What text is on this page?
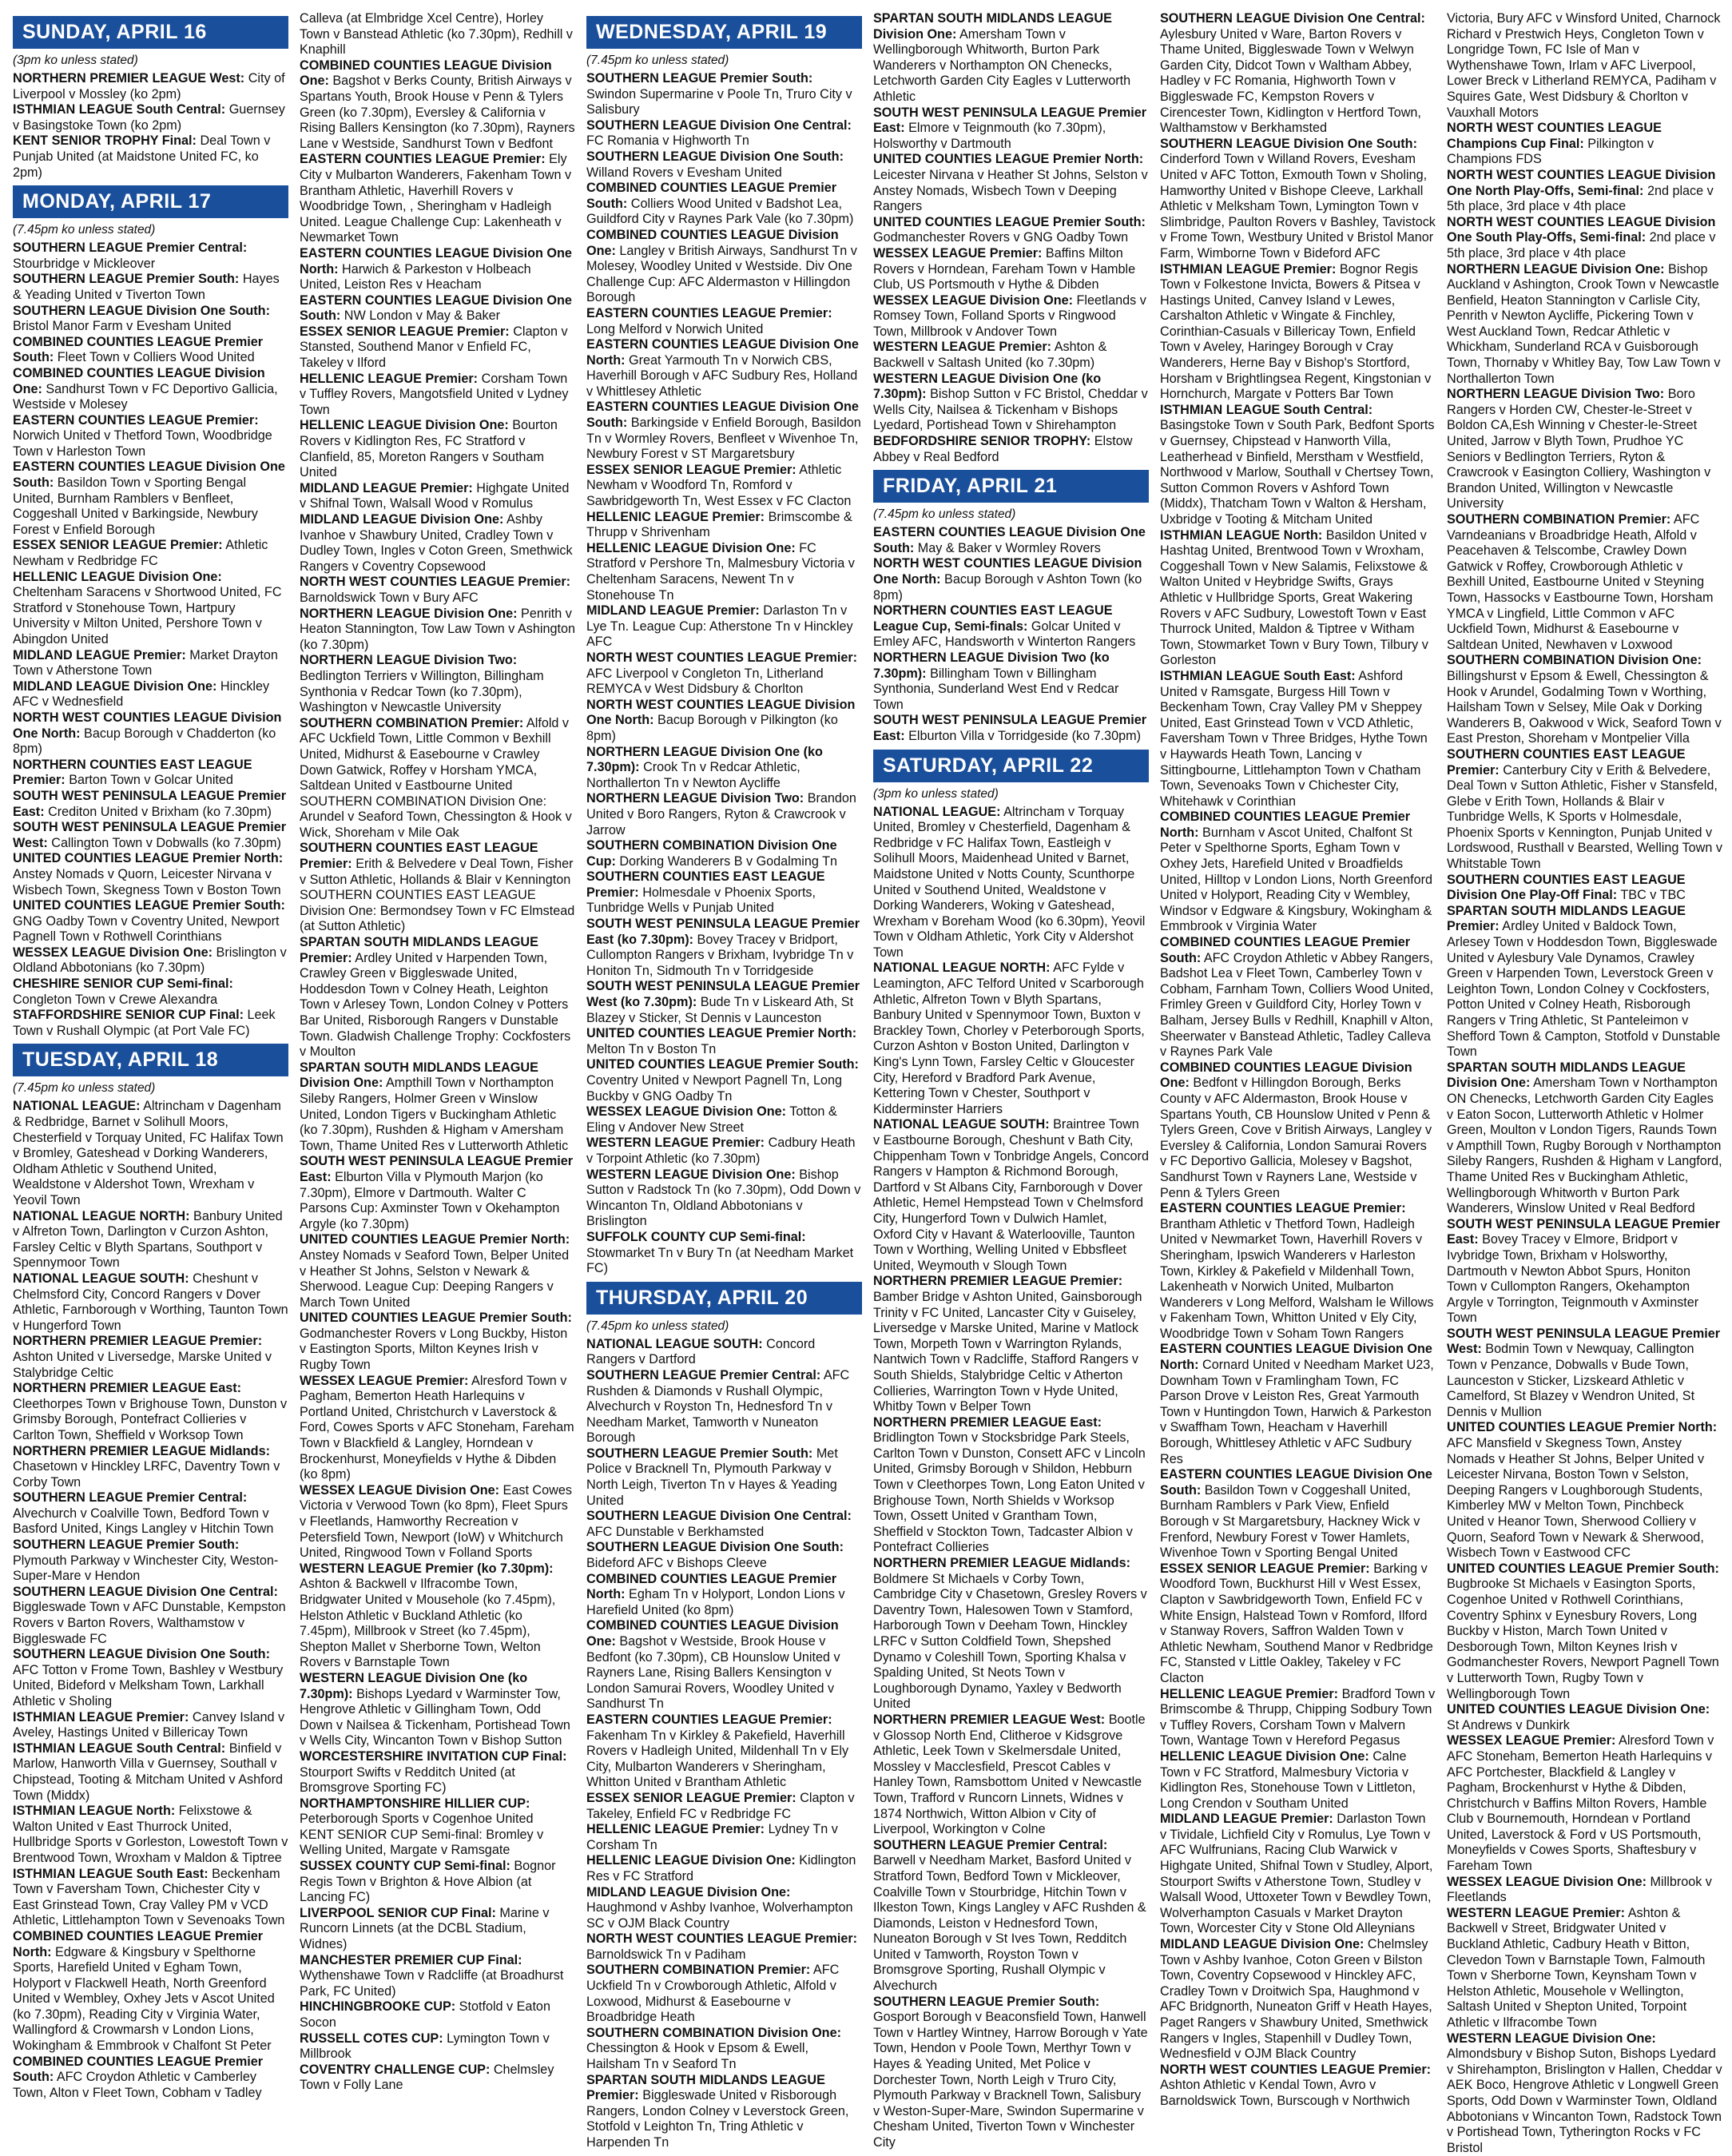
SUNDAY, APRIL 16
(3pm ko unless stated)

NORTHERN PREMIER LEAGUE West: City of Liverpool v Mossley (ko 2pm)

ISTHMIAN LEAGUE South Central: Guernsey v Basingstoke Town (ko 2pm)

KENT SENIOR TROPHY Final: Deal Town v Punjab United (at Maidstone United FC, ko 2pm)

MONDAY, APRIL 17
(7.45pm ko unless stated)

SOUTHERN LEAGUE Premier Central: Stourbridge v Mickleover

SOUTHERN LEAGUE Premier South: Hayes & Yeading United v Tiverton Town

SOUTHERN LEAGUE Division One South: Bristol Manor Farm v Evesham United

COMBINED COUNTIES LEAGUE Premier South: Fleet Town v Colliers Wood United

COMBINED COUNTIES LEAGUE Division One: Sandhurst Town v FC Deportivo Gallicia, Westside v Molesey

EASTERN COUNTIES LEAGUE Premier: Norwich United v Thetford Town, Woodbridge Town v Harleston Town

EASTERN COUNTIES LEAGUE Division One South: Basildon Town v Sporting Bengal United, Burnham Ramblers v Benfleet, Coggeshall United v Barkingside, Newbury Forest v Enfield Borough

ESSEX SENIOR LEAGUE Premier: Athletic Newham v Redbridge FC

HELLENIC LEAGUE Division One: Cheltenham Saracens v Shortwood United, FC Stratford v Stonehouse Town, Hartpury University v Milton United, Pershore Town v Abingdon United

MIDLAND LEAGUE Premier: Market Drayton Town v Atherstone Town

MIDLAND LEAGUE Division One: Hinckley AFC v Wednesfield

NORTH WEST COUNTIES LEAGUE Division One North: Bacup Borough v Chadderton (ko 8pm)

NORTHERN COUNTIES EAST LEAGUE Premier: Barton Town v Golcar United

SOUTH WEST PENINSULA LEAGUE Premier East: Crediton United v Brixham (ko 7.30pm)

SOUTH WEST PENINSULA LEAGUE Premier West: Callington Town v Dobwalls (ko 7.30pm)

UNITED COUNTIES LEAGUE Premier North: Anstey Nomads v Quorn, Leicester Nirvana v Wisbech Town, Skegness Town v Boston Town

UNITED COUNTIES LEAGUE Premier South: GNG Oadby Town v Coventry United, Newport Pagnell Town v Rothwell Corinthians

WESSEX LEAGUE Division One: Brislington v Oldland Abbotonians (ko 7.30pm)

CHESHIRE SENIOR CUP Semi-final: Congleton Town v Crewe Alexandra

STAFFORDSHIRE SENIOR CUP Final: Leek Town v Rushall Olympic (at Port Vale FC)

TUESDAY, APRIL 18
(7.45pm ko unless stated)

NATIONAL LEAGUE: Altrincham v Dagenham & Redbridge, Barnet v Solihull Moors, Chesterfield v Torquay United, FC Halifax Town v Bromley, Gateshead v Dorking Wanderers, Oldham Athletic v Southend United, Wealdstone v Aldershot Town, Wrexham v Yeovil Town

NATIONAL LEAGUE NORTH: Banbury United v Alfreton Town, Darlington v Curzon Ashton, Farsley Celtic v Blyth Spartans, Southport v Spennymoor Town

NATIONAL LEAGUE SOUTH: Cheshunt v Chelmsford City, Concord Rangers v Dover Athletic, Farnborough v Worthing, Taunton Town v Hungerford Town

NORTHERN PREMIER LEAGUE Premier: Ashton United v Liversedge, Marske United v Stalybridge Celtic

NORTHERN PREMIER LEAGUE East: Cleethorpes Town v Brighouse Town, Dunston v Grimsby Borough, Pontefract Collieries v Carlton Town, Sheffield v Worksop Town

NORTHERN PREMIER LEAGUE Midlands: Chasetown v Hinckley LRFC, Daventry Town v Corby Town

SOUTHERN LEAGUE Premier Central: Alvechurch v Coalville Town, Bedford Town v Basford United, Kings Langley v Hitchin Town

SOUTHERN LEAGUE Premier South: Plymouth Parkway v Winchester City, Weston-Super-Mare v Hendon

SOUTHERN LEAGUE Division One Central: Biggleswade Town v AFC Dunstable, Kempston Rovers v Barton Rovers, Walthamstow v Biggleswade FC

SOUTHERN LEAGUE Division One South: AFC Totton v Frome Town, Bashley v Westbury United, Bideford v Melksham Town, Larkhall Athletic v Sholing

ISTHMIAN LEAGUE Premier: Canvey Island v Aveley, Hastings United v Billericay Town

ISTHMIAN LEAGUE South Central: Binfield v Marlow, Hanworth Villa v Guernsey, Southall v Chipstead, Tooting & Mitcham United v Ashford Town (Middx)

ISTHMIAN LEAGUE North: Felixstowe & Walton United v East Thurrock United, Hullbridge Sports v Gorleston, Lowestoft Town v Brentwood Town, Wroxham v Maldon & Tiptree

ISTHMIAN LEAGUE South East: Beckenham Town v Faversham Town, Chichester City v East Grinstead Town, Cray Valley PM v VCD Athletic, Littlehampton Town v Sevenoaks Town

COMBINED COUNTIES LEAGUE Premier North: Edgware & Kingsbury v Spelthorne Sports, Harefield United v Egham Town, Holyport v Flackwell Heath, North Greenford United v Wembley, Oxhey Jets v Ascot United (ko 7.30pm), Reading City v Virginia Water, Wallingford & Crowmarsh v London Lions, Wokingham & Emmbrook v Chalfont St Peter

COMBINED COUNTIES LEAGUE Premier South: AFC Croydon Athletic v Camberley Town, Alton v Fleet Town, Cobham v Tadley

Calleva (at Elmbridge Xcel Centre), Horley Town v Banstead Athletic (ko 7.30pm), Redhill v Knaphill

COMBINED COUNTIES LEAGUE Division One: Bagshot v Berks County, British Airways v Spartans Youth, Brook House v Penn & Tylers Green (ko 7.30pm), Eversley & California v Rising Ballers Kensington (ko 7.30pm), Rayners Lane v Westside, Sandhurst Town v Bedfont

EASTERN COUNTIES LEAGUE Premier: Ely City v Mulbarton Wanderers, Fakenham Town v Brantham Athletic, Haverhill Rovers v Woodbridge Town, , Sheringham v Hadleigh United. League Challenge Cup: Lakenheath v Newmarket Town

EASTERN COUNTIES LEAGUE Division One North: Harwich & Parkeston v Holbeach United, Leiston Res v Heacham

EASTERN COUNTIES LEAGUE Division One South: NW London v May & Baker

ESSEX SENIOR LEAGUE Premier: Clapton v Stansted, Southend Manor v Enfield FC, Takeley v Ilford

HELLENIC LEAGUE Premier: Corsham Town v Tuffley Rovers, Mangotsfield United v Lydney Town

HELLENIC LEAGUE Division One: Bourton Rovers v Kidlington Res, FC Stratford v Clanfield, 85, Moreton Rangers v Southam United

MIDLAND LEAGUE Premier: Highgate United v Shifnal Town, Walsall Wood v Romulus

MIDLAND LEAGUE Division One: Ashby Ivanhoe v Shawbury United, Cradley Town v Dudley Town, Ingles v Coton Green, Smethwick Rangers v Coventry Copsewood

NORTH WEST COUNTIES LEAGUE Premier: Barnoldswick Town v Bury AFC

NORTHERN LEAGUE Division One: Penrith v Heaton Stannington, Tow Law Town v Ashington (ko 7.30pm)

NORTHERN LEAGUE Division Two: Bedlington Terriers v Willington, Billingham Synthonia v Redcar Town (ko 7.30pm), Washington v Newcastle University

SOUTHERN COMBINATION Premier: Alfold v AFC Uckfield Town, Little Common v Bexhill United, Midhurst & Easebourne v Crawley Down Gatwick, Roffey v Horsham YMCA, Saltdean United v Eastbourne United

SOUTHERN COMBINATION Division One: Arundel v Seaford Town, Chessington & Hook v Wick, Shoreham v Mile Oak

SOUTHERN COUNTIES EAST LEAGUE Premier: Erith & Belvedere v Deal Town, Fisher v Sutton Athletic, Hollands & Blair v Kennington

SOUTHERN COUNTIES EAST LEAGUE Division One: Bermondsey Town v FC Elmstead (at Sutton Athletic)

SPARTAN SOUTH MIDLANDS LEAGUE Premier: Ardley United v Harpenden Town, Crawley Green v Biggleswade United, Hoddesdon Town v Colney Heath, Leighton Town v Arlesey Town, London Colney v Potters Bar United, Risborough Rangers v Dunstable Town. Gladwish Challenge Trophy: Cockfosters v Moulton

SPARTAN SOUTH MIDLANDS LEAGUE Division One: Ampthill Town v Northampton Sileby Rangers, Holmer Green v Winslow United, London Tigers v Buckingham Athletic (ko 7.30pm), Rushden & Higham v Amersham Town, Thame United Res v Lutterworth Athletic

SOUTH WEST PENINSULA LEAGUE Premier East: Elburton Villa v Plymouth Marjon (ko 7.30pm), Elmore v Dartmouth. Walter C Parsons Cup: Axminster Town v Okehampton Argyle (ko 7.30pm)

UNITED COUNTIES LEAGUE Premier North: Anstey Nomads v Seaford Town, Belper United v Heather St Johns, Selston v Newark & Sherwood. League Cup: Deeping Rangers v March Town United

UNITED COUNTIES LEAGUE Premier South: Godmanchester Rovers v Long Buckby, Histon v Eastington Sports, Milton Keynes Irish v Rugby Town

WESSEX LEAGUE Premier: Alresford Town v Pagham, Bemerton Heath Harlequins v Portland United, Christchurch v Laverstock & Ford, Cowes Sports v AFC Stoneham, Fareham Town v Blackfield & Langley, Horndean v Brockenhurst, Moneyfields v Hythe & Dibden (ko 8pm)

WESSEX LEAGUE Division One: East Cowes Victoria v Verwood Town (ko 8pm), Fleet Spurs v Fleetlands, Hamworthy Recreation v Petersfield Town, Newport (IoW) v Whitchurch United, Ringwood Town v Folland Sports

WESTERN LEAGUE Premier (ko 7.30pm): Ashton & Backwell v Ilfracombe Town, Bridgwater United v Mousehole (ko 7.45pm), Helston Athletic v Buckland Athletic (ko 7.45pm), Millbrook v Street (ko 7.45pm), Shepton Mallet v Sherborne Town, Welton Rovers v Barnstaple Town

WESTERN LEAGUE Division One (ko 7.30pm): Bishops Lyedard v Warminster Tow, Hengrove Athletic v Gillingham Town, Odd Down v Nailsea & Tickenham, Portishead Town v Wells City, Wincanton Town v Bishop Sutton

WORCESTERSHIRE INVITATION CUP Final: Stourport Swifts v Redditch United (at Bromsgrove Sporting FC)

NORTHAMPTONSHIRE HILLIER CUP: Peterborough Sports v Cogenhoe United

KENT SENIOR CUP Semi-final: Bromley v Welling United, Margate v Ramsgate

SUSSEX COUNTY CUP Semi-final: Bognor Regis Town v Brighton & Hove Albion (at Lancing FC)

LIVERPOOL SENIOR CUP Final: Marine v Runcorn Linnets (at the DCBL Stadium, Widnes)

MANCHESTER PREMIER CUP Final: Wythenshawe Town v Radcliffe (at Broadhurst Park, FC United)

HINCHINGBROOKE CUP: Stotfold v Eaton Socon

RUSSELL COTES CUP: Lymington Town v Millbrook

COVENTRY CHALLENGE CUP: Chelmsley Town v Folly Lane

WEDNESDAY, APRIL 19
(7.45pm ko unless stated)

SOUTHERN LEAGUE Premier South: Swindon Supermarine v Poole Tn, Truro City v Salisbury

SOUTHERN LEAGUE Division One Central: FC Romania v Highworth Tn

SOUTHERN LEAGUE Division One South: Willand Rovers v Evesham United

COMBINED COUNTIES LEAGUE Premier South: Colliers Wood United v Badshot Lea, Guildford City v Raynes Park Vale (ko 7.30pm)

COMBINED COUNTIES LEAGUE Division One: Langley v British Airways, Sandhurst Tn v Molesey, Woodley United v Westside. Div One Challenge Cup: AFC Aldermaston v Hillingdon Borough

EASTERN COUNTIES LEAGUE Premier: Long Melford v Norwich United

EASTERN COUNTIES LEAGUE Division One North: Great Yarmouth Tn v Norwich CBS, Haverhill Borough v AFC Sudbury Res, Holland v Whittlesey Athletic

EASTERN COUNTIES LEAGUE Division One South: Barkingside v Enfield Borough, Basildon Tn v Wormley Rovers, Benfleet v Wivenhoe Tn, Newbury Forest v ST Margaretsbury

ESSEX SENIOR LEAGUE Premier: Athletic Newham v Woodford Tn, Romford v Sawbridgeworth Tn, West Essex v FC Clacton

HELLENIC LEAGUE Premier: Brimscombe & Thrupp v Shrivenham

HELLENIC LEAGUE Division One: FC Stratford v Pershore Tn, Malmesbury Victoria v Cheltenham Saracens, Newent Tn v Stonehouse Tn

MIDLAND LEAGUE Premier: Darlaston Tn v Lye Tn. League Cup: Atherstone Tn v Hinckley AFC

NORTH WEST COUNTIES LEAGUE Premier: AFC Liverpool v Congleton Tn, Litherland REMYCA v West Didsbury & Chorlton

NORTH WEST COUNTIES LEAGUE Division One North: Bacup Borough v Pilkington (ko 8pm)

NORTHERN LEAGUE Division One (ko 7.30pm): Crook Tn v Redcar Athletic, Northallerton Tn v Newton Aycliffe

NORTHERN LEAGUE Division Two: Brandon United v Boro Rangers, Ryton & Crawcrook v Jarrow

SOUTHERN COMBINATION Division One Cup: Dorking Wanderers B v Godalming Tn

SOUTHERN COUNTIES EAST LEAGUE Premier: Holmesdale v Phoenix Sports, Tunbridge Wells v Punjab United

SOUTH WEST PENINSULA LEAGUE Premier East (ko 7.30pm): Bovey Tracey v Bridport, Cullompton Rangers v Brixham, Ivybridge Tn v Honiton Tn, Sidmouth Tn v Torridgeside

SOUTH WEST PENINSULA LEAGUE Premier West (ko 7.30pm): Bude Tn v Liskeard Ath, St Blazey v Sticker, St Dennis v Launceston

UNITED COUNTIES LEAGUE Premier North: Melton Tn v Boston Tn

UNITED COUNTIES LEAGUE Premier South: Coventry United v Newport Pagnell Tn, Long Buckby v GNG Oadby Tn

WESSEX LEAGUE Division One: Totton & Eling v Andover New Street

WESTERN LEAGUE Premier: Cadbury Heath v Torpoint Athletic (ko 7.30pm)

WESTERN LEAGUE Division One: Bishop Sutton v Radstock Tn (ko 7.30pm), Odd Down v Wincanton Tn, Oldland Abbotonians v Brislington

SUFFOLK COUNTY CUP Semi-final: Stowmarket Tn v Bury Tn (at Needham Market FC)

THURSDAY, APRIL 20
(7.45pm ko unless stated)

NATIONAL LEAGUE SOUTH: Concord Rangers v Dartford

SOUTHERN LEAGUE Premier Central: AFC Rushden & Diamonds v Rushall Olympic, Alvechurch v Royston Tn, Hednesford Tn v Needham Market, Tamworth v Nuneaton Borough

SOUTHERN LEAGUE Premier South: Met Police v Bracknell Tn, Plymouth Parkway v North Leigh, Tiverton Tn v Hayes & Yeading United

SOUTHERN LEAGUE Division One Central: AFC Dunstable v Berkhamsted

SOUTHERN LEAGUE Division One South: Bideford AFC v Bishops Cleeve

COMBINED COUNTIES LEAGUE Premier North: Egham Tn v Holyport, London Lions v Harefield United (ko 8pm)

COMBINED COUNTIES LEAGUE Division One: Bagshot v Westside, Brook House v Bedfont (ko 7.30pm), CB Hounslow United v Rayners Lane, Rising Ballers Kensington v London Samurai Rovers, Woodley United v Sandhurst Tn

EASTERN COUNTIES LEAGUE Premier: Fakenham Tn v Kirkley & Pakefield, Haverhill Rovers v Hadleigh United, Mildenhall Tn v Ely City, Mulbarton Wanderers v Sheringham, Whitton United v Brantham Athletic

ESSEX SENIOR LEAGUE Premier: Clapton v Takeley, Enfield FC v Redbridge FC

HELLENIC LEAGUE Premier: Lydney Tn v Corsham Tn

HELLENIC LEAGUE Division One: Kidlington Res v FC Stratford

MIDLAND LEAGUE Division One: Haughmond v Ashby Ivanhoe, Wolverhampton SC v OJM Black Country

NORTH WEST COUNTIES LEAGUE Premier: Barnoldswick Tn v Padiham

SOUTHERN COMBINATION Premier: AFC Uckfield Tn v Crowborough Athletic, Alfold v Loxwood, Midhurst & Easebourne v Broadbridge Heath

SOUTHERN COMBINATION Division One: Chessington & Hook v Epsom & Ewell, Hailsham Tn v Seaford Tn

SPARTAN SOUTH MIDLANDS LEAGUE Premier: Biggleswade United v Risborough Rangers, London Colney v Leverstock Green, Stotfold v Leighton Tn, Tring Athletic v Harpenden Tn

SPARTAN SOUTH MIDLANDS LEAGUE Division One: Amersham Town v Wellingborough Whitworth, Burton Park Wanderers v Northampton ON Chenecks, Letchworth Garden City Eagles v Lutterworth Athletic

SOUTH WEST PENINSULA LEAGUE Premier East: Elmore v Teignmouth (ko 7.30pm), Holsworthy v Dartmouth

UNITED COUNTIES LEAGUE Premier North: Leicester Nirvana v Heather St Johns, Selston v Anstey Nomads, Wisbech Town v Deeping Rangers

UNITED COUNTIES LEAGUE Premier South: Godmanchester Rovers v GNG Oadby Town

WESSEX LEAGUE Premier: Baffins Milton Rovers v Horndean, Fareham Town v Hamble Club, US Portsmouth v Hythe & Dibden

WESSEX LEAGUE Division One: Fleetlands v Romsey Town, Folland Sports v Ringwood Town, Millbrook v Andover Town

WESTERN LEAGUE Premier: Ashton & Backwell v Saltash United (ko 7.30pm)

WESTERN LEAGUE Division One (ko 7.30pm): Bishop Sutton v FC Bristol, Cheddar v Wells City, Nailsea & Tickenham v Bishops Lyedard, Portishead Town v Shirehampton

BEDFORDSHIRE SENIOR TROPHY: Elstow Abbey v Real Bedford

FRIDAY, APRIL 21
(7.45pm ko unless stated)

EASTERN COUNTIES LEAGUE Division One South: May & Baker v Wormley Rovers

NORTH WEST COUNTIES LEAGUE Division One North: Bacup Borough v Ashton Town (ko 8pm)

NORTHERN COUNTIES EAST LEAGUE League Cup, Semi-finals: Golcar United v Emley AFC, Handsworth v Winterton Rangers

NORTHERN LEAGUE Division Two (ko 7.30pm): Billingham Town v Billingham Synthonia, Sunderland West End v Redcar Town

SOUTH WEST PENINSULA LEAGUE Premier East: Elburton Villa v Torridgeside (ko 7.30pm)

SATURDAY, APRIL 22
(3pm ko unless stated)

NATIONAL LEAGUE: Altrincham v Torquay United, Bromley v Chesterfield, Dagenham & Redbridge v FC Halifax Town, Eastleigh v Solihull Moors, Maidenhead United v Barnet, Maidstone United v Notts County, Scunthorpe United v Southend United, Wealdstone v Dorking Wanderers, Woking v Gateshead, Wrexham v Boreham Wood (ko 6.30pm), Yeovil Town v Oldham Athletic, York City v Aldershot Town

NATIONAL LEAGUE NORTH: AFC Fylde v Leamington, AFC Telford United v Scarborough Athletic, Alfreton Town v Blyth Spartans, Banbury United v Spennymoor Town, Buxton v Brackley Town, Chorley v Peterborough Sports, Curzon Ashton v Boston United, Darlington v King's Lynn Town, Farsley Celtic v Gloucester City, Hereford v Bradford Park Avenue, Kettering Town v Chester, Southport v Kidderminster Harriers

NATIONAL LEAGUE SOUTH: Braintree Town v Eastbourne Borough, Cheshunt v Bath City, Chippenham Town v Tonbridge Angels, Concord Rangers v Hampton & Richmond Borough, Dartford v St Albans City, Farnborough v Dover Athletic, Hemel Hempstead Town v Chelmsford City, Hungerford Town v Dulwich Hamlet, Oxford City v Havant & Waterlooville, Taunton Town v Worthing, Welling United v Ebbsfleet United, Weymouth v Slough Town

NORTHERN PREMIER LEAGUE Premier: Bamber Bridge v Ashton United, Gainsborough Trinity v FC United, Lancaster City v Guiseley, Liversedge v Marske United, Marine v Matlock Town, Morpeth Town v Warrington Rylands, Nantwich Town v Radcliffe, Stafford Rangers v South Shields, Stalybridge Celtic v Atherton Collieries, Warrington Town v Hyde United, Whitby Town v Belper Town

NORTHERN PREMIER LEAGUE East: Bridlington Town v Stocksbridge Park Steels, Carlton Town v Dunston, Consett AFC v Lincoln United, Grimsby Borough v Shildon, Hebburn Town v Cleethorpes Town, Long Eaton United v Brighouse Town, North Shields v Worksop Town, Ossett United v Grantham Town, Sheffield v Stockton Town, Tadcaster Albion v Pontefract Collieries

NORTHERN PREMIER LEAGUE Midlands: Boldmere St Michaels v Corby Town, Cambridge City v Chasetown, Gresley Rovers v Daventry Town, Halesowen Town v Stamford, Harborough Town v Deeham Town, Hinckley LRFC v Sutton Coldfield Town, Shepshed Dynamo v Coleshill Town, Sporting Khalsa v Spalding United, St Neots Town v Loughborough Dynamo, Yaxley v Bedworth United

NORTHERN PREMIER LEAGUE West: Bootle v Glossop North End, Clitheroe v Kidsgrove Athletic, Leek Town v Skelmersdale United, Mossley v Macclesfield, Prescot Cables v Hanley Town, Ramsbottom United v Newcastle Town, Trafford v Runcorn Linnets, Widnes v 1874 Northwich, Witton Albion v City of Liverpool, Workington v Colne

SOUTHERN LEAGUE Premier Central: Barwell v Needham Market, Basford United v Stratford Town, Bedford Town v Mickleover, Coalville Town v Stourbridge, Hitchin Town v Ilkeston Town, Kings Langley v AFC Rushden & Diamonds, Leiston v Hednesford Town, Nuneaton Borough v St Ives Town, Redditch United v Tamworth, Royston Town v Bromsgrove Sporting, Rushall Olympic v Alvechurch

SOUTHERN LEAGUE Premier South: Gosport Borough v Beaconsfield Town, Hanwell Town v Hartley Wintney, Harrow Borough v Yate Town, Hendon v Poole Town, Merthyr Town v Hayes & Yeading United, Met Police v Dorchester Town, North Leigh v Truro City, Plymouth Parkway v Bracknell Town, Salisbury v Weston-Super-Mare, Swindon Supermarine v Chesham United, Tiverton Town v Winchester City

SOUTHERN LEAGUE Division One Central: Aylesbury United v Ware, Barton Rovers v Thame United, Biggleswade Town v Welwyn Garden City, Didcot Town v Waltham Abbey, Hadley v FC Romania, Highworth Town v Biggleswade FC, Kempston Rovers v Cirencester Town, Kidlington v Hertford Town, Walthamstow v Berkhamsted

SOUTHERN LEAGUE Division One South: Cinderford Town v Willand Rovers, Evesham United v AFC Totton, Exmouth Town v Sholing, Hamworthy United v Bishope Cleeve, Larkhall Athletic v Melksham Town, Lymington Town v Slimbridge, Paulton Rovers v Bashley, Tavistock v Frome Town, Westbury United v Bristol Manor Farm, Wimborne Town v Bideford AFC

ISTHMIAN LEAGUE Premier: Bognor Regis Town v Folkestone Invicta, Bowers & Pitsea v Hastings United, Canvey Island v Lewes, Carshalton Athletic v Wingate & Finchley, Corinthian-Casuals v Billericay Town, Enfield Town v Aveley, Haringey Borough v Cray Wanderers, Herne Bay v Bishop's Stortford, Horsham v Brightlingsea Regent, Kingstonian v Hornchurch, Margate v Potters Bar Town

ISTHMIAN LEAGUE South Central: Basingstoke Town v South Park, Bedfont Sports v Guernsey, Chipstead v Hanworth Villa, Leatherhead v Binfield, Merstham v Westfield, Northwood v Marlow, Southall v Chertsey Town, Sutton Common Rovers v Ashford Town (Middx), Thatcham Town v Walton & Hersham, Uxbridge v Tooting & Mitcham United

ISTHMIAN LEAGUE North: Basildon United v Hashtag United, Brentwood Town v Wroxham, Coggeshall Town v New Salamis, Felixstowe & Walton United v Heybridge Swifts, Grays Athletic v Hullbridge Sports, Great Wakering Rovers v AFC Sudbury, Lowestoft Town v East Thurrock United, Maldon & Tiptree v Witham Town, Stowmarket Town v Bury Town, Tilbury v Gorleston

ISTHMIAN LEAGUE South East: Ashford United v Ramsgate, Burgess Hill Town v Beckenham Town, Cray Valley PM v Sheppey United, East Grinstead Town v VCD Athletic, Faversham Town v Three Bridges, Hythe Town v Haywards Heath Town, Lancing v Sittingbourne, Littlehampton Town v Chatham Town, Sevenoaks Town v Chichester City, Whitehawk v Corinthian

COMBINED COUNTIES LEAGUE Premier North: Burnham v Ascot United, Chalfont St Peter v Spelthorne Sports, Egham Town v Oxhey Jets, Harefield United v Broadfields United, Hilltop v London Lions, North Greenford United v Holyport, Reading City v Wembley, Windsor v Edgware & Kingsbury, Wokingham & Emmbrook v Virginia Water

COMBINED COUNTIES LEAGUE Premier South: AFC Croydon Athletic v Abbey Rangers, Badshot Lea v Fleet Town, Camberley Town v Cobham, Farnham Town, Colliers Wood United, Frimley Green v Guildford City, Horley Town v Balham, Jersey Bulls v Redhill, Knaphill v Alton, Sheerwater v Banstead Athletic, Tadley Calleva v Raynes Park Vale

COMBINED COUNTIES LEAGUE Division One: Bedfont v Hillingdon Borough, Berks County v AFC Aldermaston, Brook House v Spartans Youth, CB Hounslow United v Penn & Tylers Green, Cove v British Airways, Langley v Eversley & California, London Samurai Rovers v FC Deportivo Gallicia, Molesey v Bagshot, Sandhurst Town v Rayners Lane, Westside v Penn & Tylers Green

EASTERN COUNTIES LEAGUE Premier: Brantham Athletic v Thetford Town, Hadleigh United v Newmarket Town, Haverhill Rovers v Sheringham, Ipswich Wanderers v Harleston Town, Kirkley & Pakefield v Mildenhall Town, Lakenheath v Norwich United, Mulbarton Wanderers v Long Melford, Walsham le Willows v Fakenham Town, Whitton United v Ely City, Woodbridge Town v Soham Town Rangers

EASTERN COUNTIES LEAGUE Division One North: Cornard United v Needham Market U23, Downham Town v Framlingham Town, FC Parson Drove v Leiston Res, Great Yarmouth Town v Huntingdon Town, Harwich & Parkeston v Swaffham Town, Heacham v Haverhill Borough, Whittlesey Athletic v AFC Sudbury Res

EASTERN COUNTIES LEAGUE Division One South: Basildon Town v Coggeshall United, Burnham Ramblers v Park View, Enfield Borough v St Margaretsbury, Hackney Wick v Frenford, Newbury Forest v Tower Hamlets, Wivenhoe Town v Sporting Bengal United

ESSEX SENIOR LEAGUE Premier: Barking v Woodford Town, Buckhurst Hill v West Essex, Clapton v Sawbridgeworth Town, Enfield FC v White Ensign, Halstead Town v Romford, Ilford v Stanway Rovers, Saffron Walden Town v Athletic Newham, Southend Manor v Redbridge FC, Stansted v Little Oakley, Takeley v FC Clacton

HELLENIC LEAGUE Premier: Bradford Town v Brimscombe & Thrupp, Chipping Sodbury Town v Tuffley Rovers, Corsham Town v Malvern Town, Wantage Town v Hereford Pegasus

HELLENIC LEAGUE Division One: Calne Town v FC Stratford, Malmesbury Victoria v Kidlington Res, Stonehouse Town v Littleton, Long Crendon v Southam United

MIDLAND LEAGUE Premier: Darlaston Town v Tividale, Lichfield City v Romulus, Lye Town v AFC Wulfrunians, Racing Club Warwick v Highgate United, Shifnal Town v Studley, Alport, Stourport Swifts v Atherstone Town, Studley v Walsall Wood, Uttoxeter Town v Bewdley Town, Wolverhampton Casuals v Market Drayton Town, Worcester City v Stone Old Alleynians

MIDLAND LEAGUE Division One: Chelmsley Town v Ashby Ivanhoe, Coton Green v Bilston Town, Coventry Copsewood v Hinckley AFC, Cradley Town v Droitwich Spa, Haughmond v AFC Bridgnorth, Nuneaton Griff v Heath Hayes, Paget Rangers v Shawbury United, Smethwick Rangers v Ingles, Stapenhill v Dudley Town, Wednesfield v OJM Black Country

NORTH WEST COUNTIES LEAGUE Premier: Ashton Athletic v Kendal Town, Avro v Barnoldswick Town, Burscough v Northwich

Victoria, Bury AFC v Winsford United, Charnock Richard v Prestwich Heys, Congleton Town v Longridge Town, FC Isle of Man v Wythenshawe Town, Irlam v AFC Liverpool, Lower Breck v Litherland REMYCA, Padiham v Squires Gate, West Didsbury & Chorlton v Vauxhall Motors

NORTH WEST COUNTIES LEAGUE Champions Cup Final: Pilkington v Champions FDS

NORTH WEST COUNTIES LEAGUE Division One North Play-Offs, Semi-final: 2nd place v 5th place, 3rd place v 4th place

NORTH WEST COUNTIES LEAGUE Division One South Play-Offs, Semi-final: 2nd place v 5th place, 3rd place v 4th place

NORTHERN LEAGUE Division One: Bishop Auckland v Ashington, Crook Town v Newcastle Benfield, Heaton Stannington v Carlisle City, Penrith v Newton Aycliffe, Pickering Town v West Auckland Town, Redcar Athletic v Whickham, Sunderland RCA v Guisborough Town, Thornaby v Whitley Bay, Tow Law Town v Northallerton Town

NORTHERN LEAGUE Division Two: Boro Rangers v Horden CW, Chester-le-Street v Boldon CA,Esh Winning v Chester-le-Street United, Jarrow v Blyth Town, Prudhoe YC Seniors v Bedlington Terriers, Ryton & Crawcrook v Easington Colliery, Washington v Brandon United, Willington v Newcastle University

SOUTHERN COMBINATION Premier: AFC Varndeanians v Broadbridge Heath, Alfold v Peacehaven & Telscombe, Crawley Down Gatwick v Roffey, Crowborough Athletic v Bexhill United, Eastbourne United v Steyning Town, Hassocks v Eastbourne Town, Horsham YMCA v Lingfield, Little Common v AFC Uckfield Town, Midhurst & Easebourne v Saltdean United, Newhaven v Loxwood

SOUTHERN COMBINATION Division One: Billingshurst v Epsom & Ewell, Chessington & Hook v Arundel, Godalming Town v Worthing, Hailsham Town v Selsey, Mile Oak v Dorking Wanderers B, Oakwood v Wick, Seaford Town v East Preston, Shoreham v Montpelier Villa

SOUTHERN COUNTIES EAST LEAGUE Premier: Canterbury City v Erith & Belvedere, Deal Town v Sutton Athletic, Fisher v Stansfeld, Glebe v Erith Town, Hollands & Blair v Tunbridge Wells, K Sports v Holmesdale, Phoenix Sports v Kennington, Punjab United v Lordswood, Rusthall v Bearsted, Welling Town v Whitstable Town

SOUTHERN COUNTIES EAST LEAGUE Division One Play-Off Final: TBC v TBC

SPARTAN SOUTH MIDLANDS LEAGUE Premier: Ardley United v Baldock Town, Arlesey Town v Hoddesdon Town, Biggleswade United v Aylesbury Vale Dynamos, Crawley Green v Harpenden Town, Leverstock Green v Leighton Town, London Colney v Cockfosters, Potton United v Colney Heath, Risborough Rangers v Tring Athletic, St Panteleimon v Shefford Town & Campton, Stotfold v Dunstable Town

SPARTAN SOUTH MIDLANDS LEAGUE Division One: Amersham Town v Northampton ON Chenecks, Letchworth Garden City Eagles v Eaton Socon, Lutterworth Athletic v Holmer Green, Moulton v London Tigers, Raunds Town v Ampthill Town, Rugby Borough v Northampton Sileby Rangers, Rushden & Higham v Langford, Thame United Res v Buckingham Athletic, Wellingborough Whitworth v Burton Park Wanderers, Winslow United v Real Bedford

SOUTH WEST PENINSULA LEAGUE Premier East: Bovey Tracey v Elmore, Bridport v Ivybridge Town, Brixham v Holsworthy, Dartmouth v Newton Abbot Spurs, Honiton Town v Cullompton Rangers, Okehampton Argyle v Torrington, Teignmouth v Axminster Town

SOUTH WEST PENINSULA LEAGUE Premier West: Bodmin Town v Newquay, Callington Town v Penzance, Dobwalls v Bude Town, Launceston v Sticker, Lizskeard Athletic v Camelford, St Blazey v Wendron United, St Dennis v Mullion

UNITED COUNTIES LEAGUE Premier North: AFC Mansfield v Skegness Town, Anstey Nomads v Heather St Johns, Belper United v Leicester Nirvana, Boston Town v Selston, Deeping Rangers v Loughborough Students, Kimberley MW v Melton Town, Pinchbeck United v Heanor Town, Sherwood Colliery v Quorn, Seaford Town v Newark & Sherwood, Wisbech Town v Eastwood CFC

UNITED COUNTIES LEAGUE Premier South: Bugbrooke St Michaels v Easington Sports, Cogenhoe United v Rothwell Corinthians, Coventry Sphinx v Eynesbury Rovers, Long Buckby v Histon, March Town United v Desborough Town, Milton Keynes Irish v Godmanchester Rovers, Newport Pagnell Town v Lutterworth Town, Rugby Town v Wellingborough Town

UNITED COUNTIES LEAGUE Division One: St Andrews v Dunkirk

WESSEX LEAGUE Premier: Alresford Town v AFC Stoneham, Bemerton Heath Harlequins v AFC Portchester, Blackfield & Langley v Pagham, Brockenhurst v Hythe & Dibden, Christchurch v Baffins Milton Rovers, Hamble Club v Bournemouth, Horndean v Portland United, Laverstock & Ford v US Portsmouth, Moneyfields v Cowes Sports, Shaftesbury v Fareham Town

WESSEX LEAGUE Division One: Millbrook v Fleetlands

WESTERN LEAGUE Premier: Ashton & Backwell v Street, Bridgwater United v Buckland Athletic, Cadbury Heath v Bitton, Clevedon Town v Barnstaple Town, Falmouth Town v Sherborne Town, Keynsham Town v Helston Athletic, Mousehole v Wellington, Saltash United v Shepton United, Torpoint Athletic v Ilfracombe Town

WESTERN LEAGUE Division One: Almondsbury v Bishop Suton, Bishops Lyedard v Shirehampton, Brislington v Hallen, Cheddar v AEK Boco, Hengrove Athletic v Longwell Green Sports, Odd Down v Warminster Town, Oldland Abbotonians v Wincanton Town, Radstock Town v Portishead Town, Tytherington Rocks v FC Bristol
